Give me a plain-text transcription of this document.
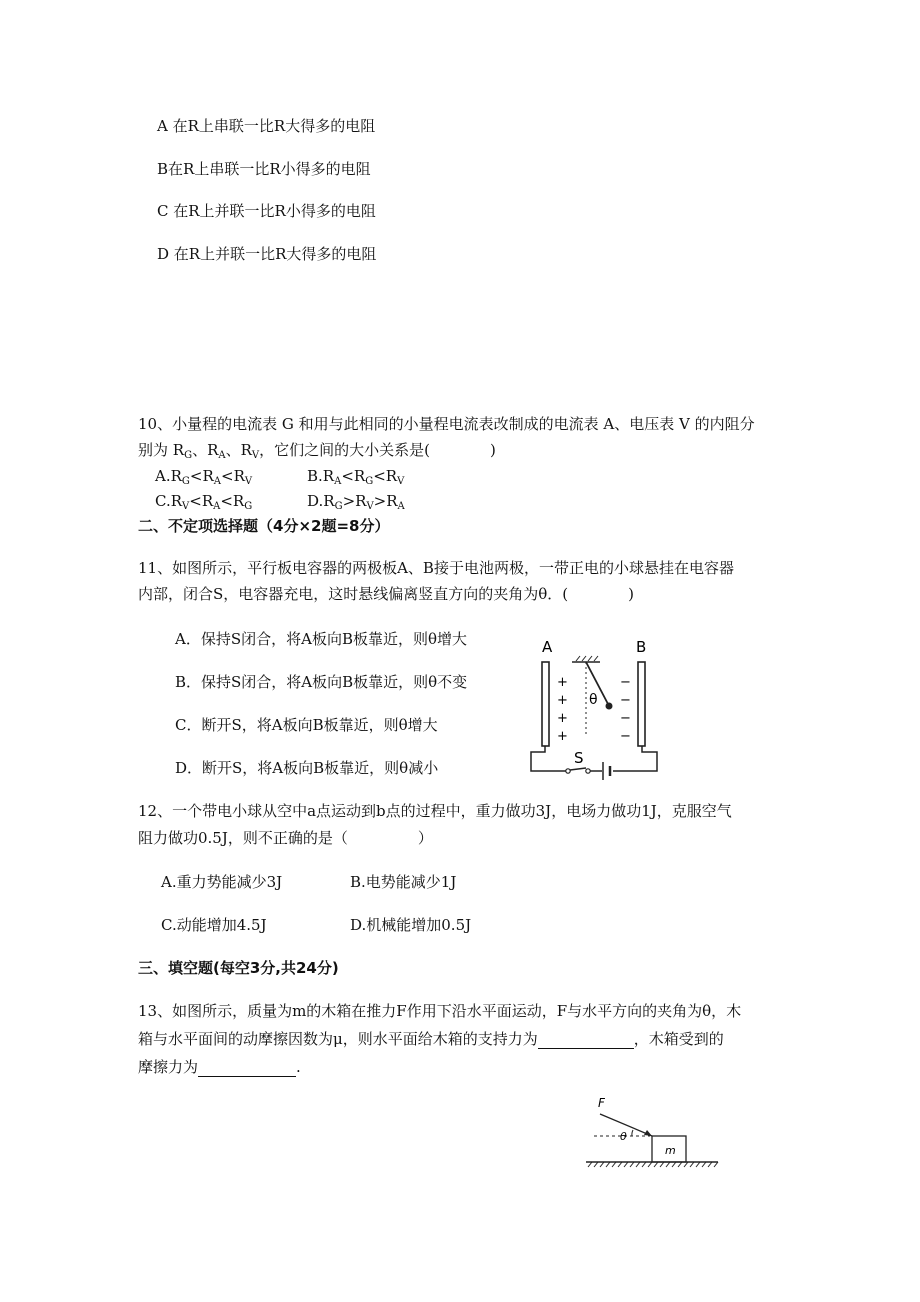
A 在R上串联一比R大得多的电阻
B在R上串联一比R小得多的电阻
C 在R上并联一比R小得多的电阻
D 在R上并联一比R大得多的电阻
10、小量程的电流表 G 和用与此相同的小量程电流表改制成的电流表 A、电压表 V 的内阻分
别为 $R_G$、$R_A$、$R_V$，它们之间的大小关系是(	)
$A.R_G<R_A<R_V$	$B.R_A<R_G<R_V$
$C.R_V<R_A<R_G$	$D.R_G>R_V>R_A$
二、不定项选择题（4分×2题=8分）
11、如图所示，平行板电容器的两极板A、B接于电池两极，一带正电的小球悬挂在电容器
内部，闭合S，电容器充电，这时悬线偏离竖直方向的夹角为θ．(	)
A．保持S闭合，将A板向B板靠近，则θ增大
B．保持S闭合，将A板向B板靠近，则θ不变
C．断开S，将A板向B板靠近，则θ增大
D．断开S，将A板向B板靠近，则θ减小
A	B
+
+
+
+
−
−
−
−
θ
S
12、一个带电小球从空中a点运动到b点的过程中，重力做功3J，电场力做功1J，克服空气
阻力做功0.5J，则不正确的是（	）
A.重力势能减少3J	B.电势能减少1J
C.动能增加4.5J	D.机械能增加0.5J
三、填空题(每空3分,共24分)
13、如图所示，质量为m的木箱在推力F作用下沿水平面运动，F与水平方向的夹角为θ，木
箱与水平面间的动摩擦因数为μ，则水平面给木箱的支持力为	，木箱受到的
摩擦力为	.
F
θ
m
